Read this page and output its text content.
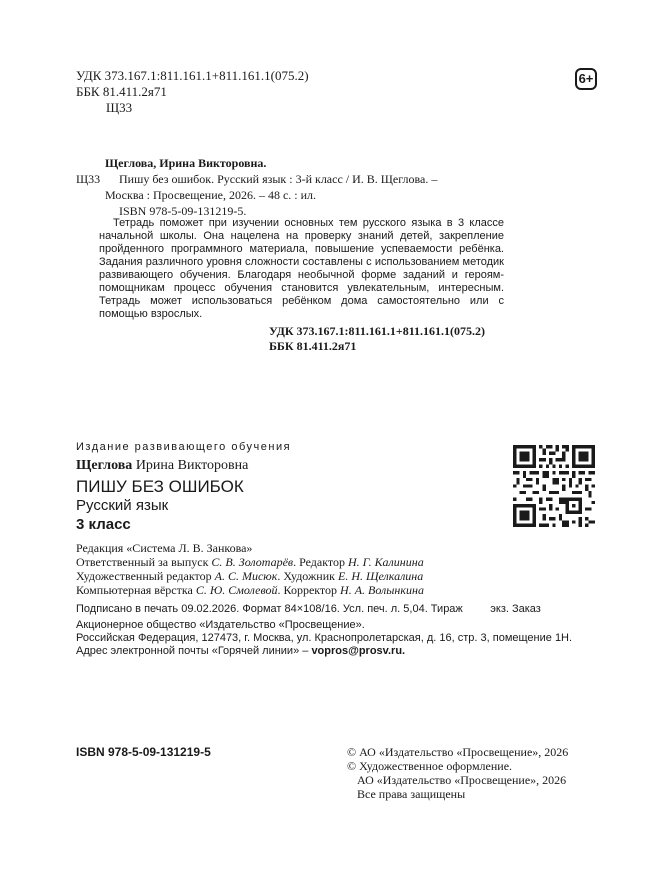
УДК 373.167.1:811.161.1+811.161.1(075.2)
ББК 81.411.2я71
Щ33
6+
Щеглова, Ирина Викторовна.
Щ33 Пишу без ошибок. Русский язык : 3-й класс / И. В. Щеглова. –
Москва : Просвещение, 2026. – 48 с. : ил.
ISBN 978-5-09-131219-5.

Тетрадь поможет при изучении основных тем русского языка в 3 классе начальной школы. Она нацелена на проверку знаний детей, закрепление пройденного программного материала, повышение успеваемости ребёнка. Задания различного уровня сложности составлены с использованием методик развивающего обучения. Благодаря необычной форме заданий и героям-помощникам процесс обучения становится увлекательным, интересным. Тетрадь может использоваться ребёнком дома самостоятельно или с помощью взрослых.

УДК 373.167.1:811.161.1+811.161.1(075.2)
ББК 81.411.2я71
Издание развивающего обучения
Щеглова Ирина Викторовна
ПИШУ БЕЗ ОШИБОК
Русский язык
3 класс
Редакция «Система Л. В. Занкова»
Ответственный за выпуск С. В. Золотарёв. Редактор Н. Г. Калинина
Художественный редактор А. С. Мисюк. Художник Е. Н. Щелкалина
Компьютерная вёрстка С. Ю. Смолевой. Корректор Н. А. Волынкина
Подписано в печать 09.02.2026. Формат 84×108/16. Усл. печ. л. 5,04. Тираж         экз. Заказ
Акционерное общество «Издательство «Просвещение».
Российская Федерация, 127473, г. Москва, ул. Краснопролетарская, д. 16, стр. 3, помещение 1Н.
Адрес электронной почты «Горячей линии» – vopros@prosv.ru.
ISBN 978-5-09-131219-5	© АО «Издательство «Просвещение», 2026
© Художественное оформление.
АО «Издательство «Просвещение», 2026
Все права защищены
